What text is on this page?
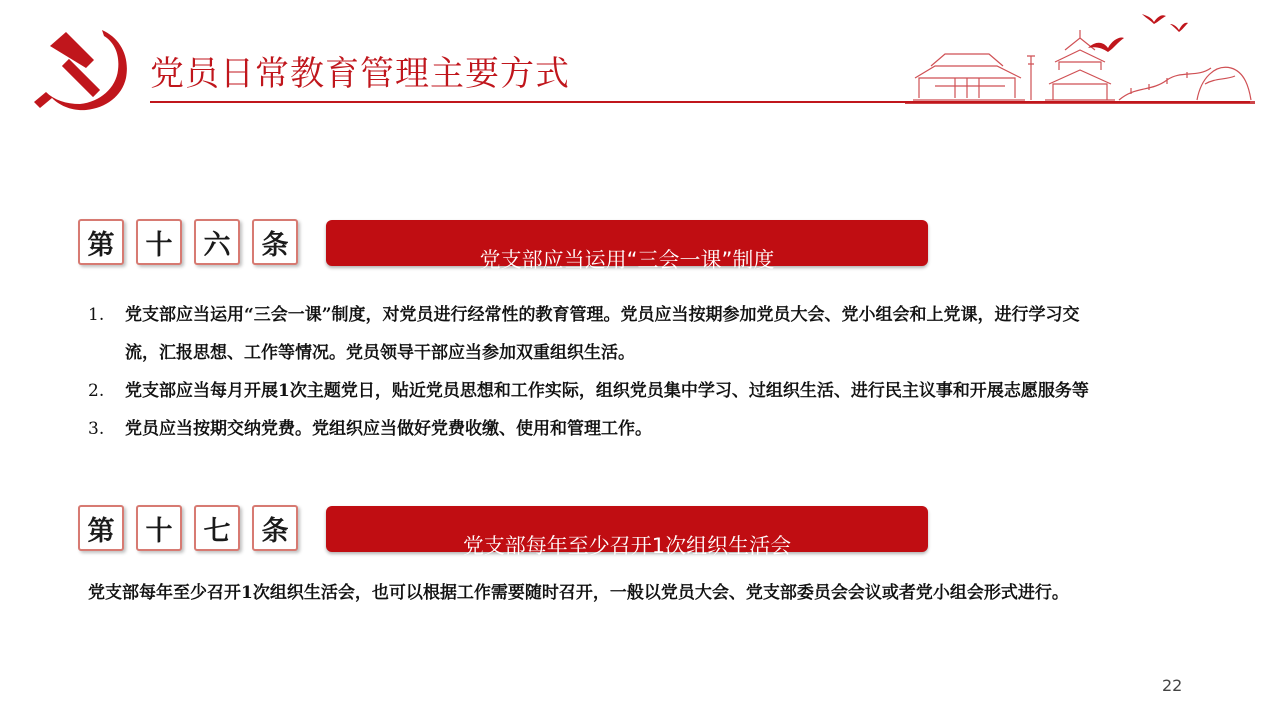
党员日常教育管理主要方式
第	十	六	条	党支部应当运用“三会一课”制度
1. 党支部应当运用“三会一课”制度，对党员进行经常性的教育管理。党员应当按期参加党员大会、党小组会和上党课，进行学习交流，汇报思想、工作等情况。党员领导干部应当参加双重组织生活。
2. 党支部应当每月开展1次主题党日，贴近党员思想和工作实际，组织党员集中学习、过组织生活、进行民主议事和开展志愿服务等
3. 党员应当按期交纳党费。党组织应当做好党费收缴、使用和管理工作。
第	十	七	条	党支部每年至少召开1次组织生活会

党支部每年至少召开1次组织生活会，也可以根据工作需要随时召开，一般以党员大会、党支部委员会会议或者党小组会形式进行。

22
